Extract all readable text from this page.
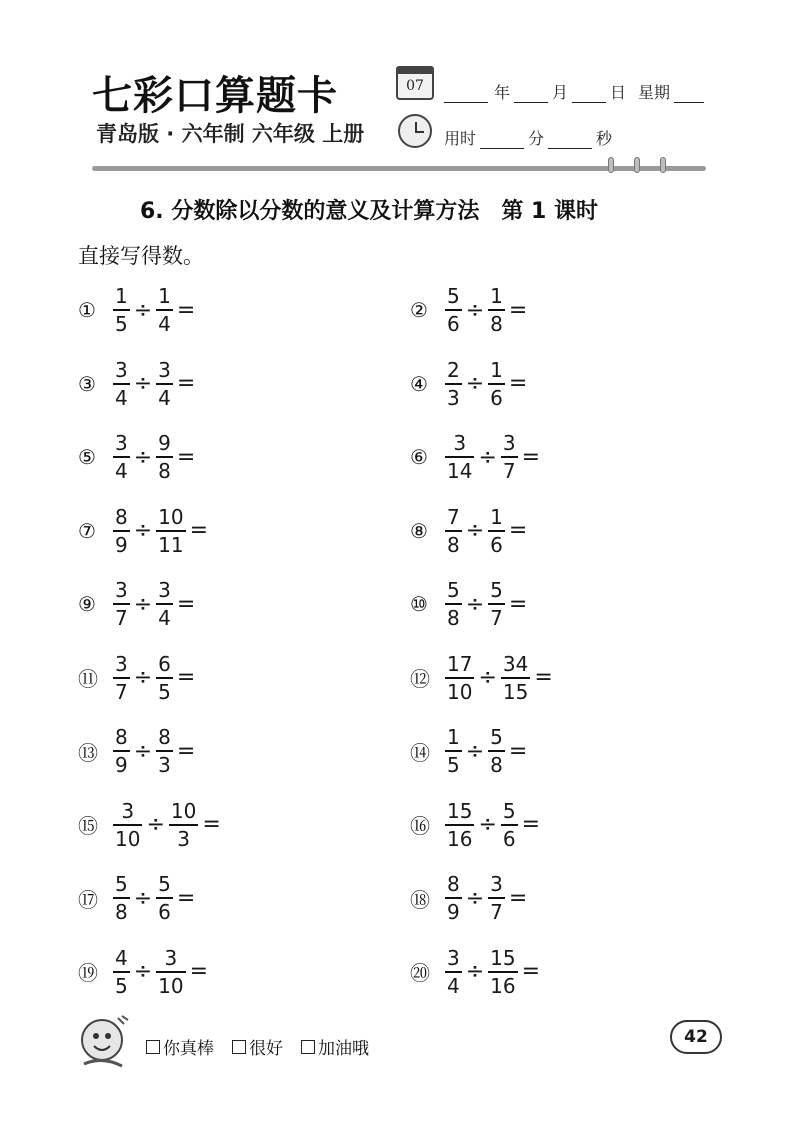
七彩口算题卡
青岛版 · 六年制 六年级 上册
07	年	月	日 星期
用时	分	秒
6. 分数除以分数的意义及计算方法　第 1 课时
直接写得数。
① $\frac{1}{5} \div \frac{1}{4}$ =	② $\frac{5}{6} \div \frac{1}{8}$ =
③ $\frac{3}{4} \div \frac{3}{4}$ =	④ $\frac{2}{3} \div \frac{1}{6}$ =
⑤ $\frac{3}{4} \div \frac{9}{8}$ =	⑥ $\frac{3}{14} \div \frac{3}{7}$ =
⑦ $\frac{8}{9} \div \frac{10}{11}$ =	⑧ $\frac{7}{8} \div \frac{1}{6}$ =
⑨ $\frac{3}{7} \div \frac{3}{4}$ =	⑩ $\frac{5}{8} \div \frac{5}{7}$ =
⑪ $\frac{3}{7} \div \frac{6}{5}$ =	⑫ $\frac{17}{10} \div \frac{34}{15}$ =
⑬ $\frac{8}{9} \div \frac{8}{3}$ =	⑭ $\frac{1}{5} \div \frac{5}{8}$ =
⑮ $\frac{3}{10} \div \frac{10}{3}$ =	⑯ $\frac{15}{16} \div \frac{5}{6}$ =
⑰ $\frac{5}{8} \div \frac{5}{6}$ =	⑱ $\frac{8}{9} \div \frac{3}{7}$ =
⑲ $\frac{4}{5} \div \frac{3}{10}$ =	⑳ $\frac{3}{4} \div \frac{15}{16}$ =
你真棒 很好 加油哦
42
